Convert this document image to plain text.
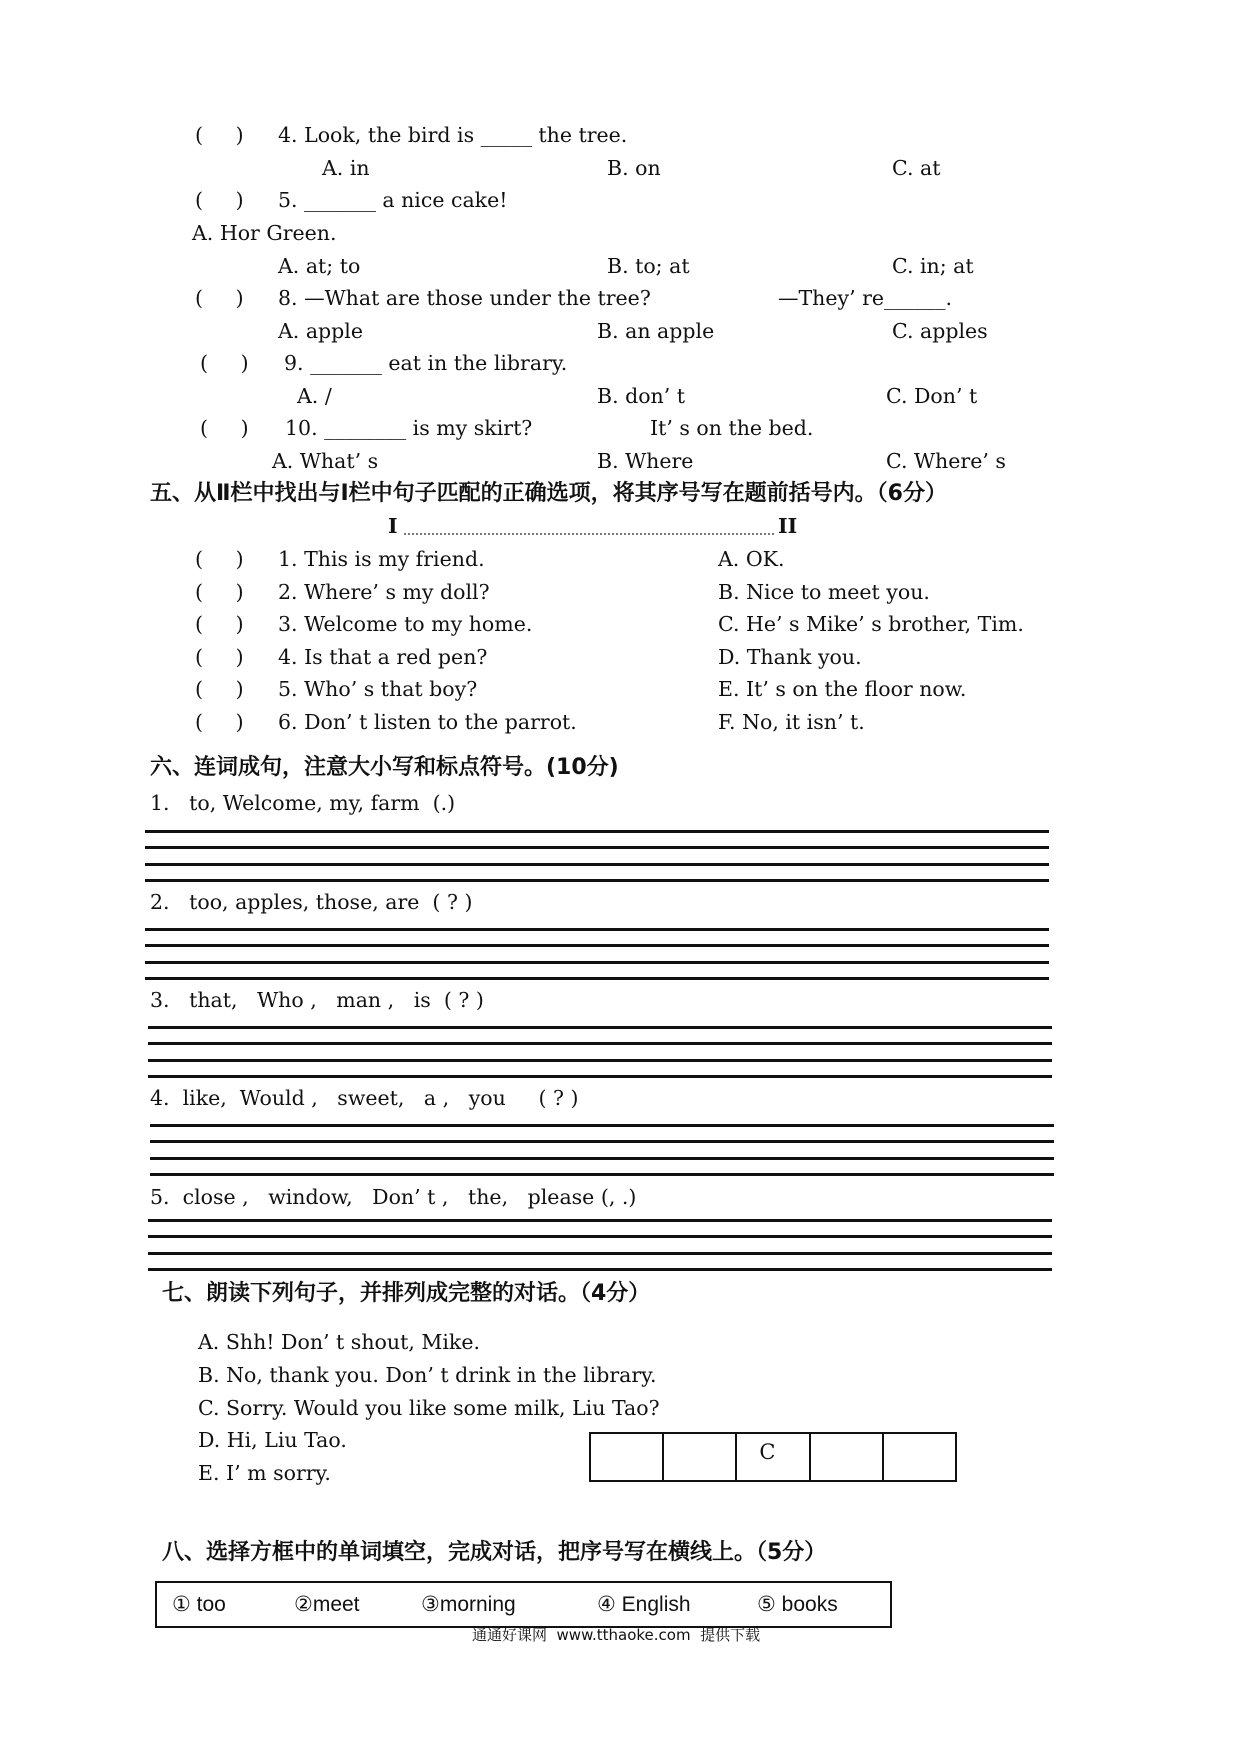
(     ) 4. Look, the bird is _____ the tree.
A. in	B. on	C. at
(     ) 5. _______ a nice cake!
A. Hor Green.
A. at; to	B. to; at	C. in; at
(     ) 8. —What are those under the tree?	—They’ re______.
A. apple	B. an apple	C. apples
(     ) 9. _______ eat in the library.
A. /	B. don’ t	C. Don’ t
(     ) 10. ________ is my skirt?	It’ s on the bed.
A. What’ s	B. Where	C. Where’ s
五、从Ⅱ栏中找出与Ⅰ栏中句子匹配的正确选项，将其序号写在题前括号内。（6分）
I	II
(     ) 1. This is my friend.	A. OK.
(     ) 2. Where’ s my doll?	B. Nice to meet you.
(     ) 3. Welcome to my home.	C. He’ s Mike’ s brother, Tim.
(     ) 4. Is that a red pen?	D. Thank you.
(     ) 5. Who’ s that boy?	E. It’ s on the floor now.
(     ) 6. Don’ t listen to the parrot.	F. No, it isn’ t.
六、连词成句，注意大小写和标点符号。(10分)
1.   to, Welcome, my, farm  (.)
2.   too, apples, those, are  ( ? )
3.   that,   Who ,   man ,   is  ( ? )
4.  like,  Would ,   sweet,   a ,   you     ( ? )
5.  close ,   window,   Don’ t ,   the,   please (, .)
七、朗读下列句子，并排列成完整的对话。（4分）
A. Shh! Don’ t shout, Mike.
B. No, thank you. Don’ t drink in the library.
C. Sorry. Would you like some milk, Liu Tao?
D. Hi, Liu Tao.
E. I’ m sorry.
C
八、选择方框中的单词填空，完成对话，把序号写在横线上。（5分）
① too	②meet	③morning	④ English	⑤ books
通通好课网  www.tthaoke.com  提供下载
